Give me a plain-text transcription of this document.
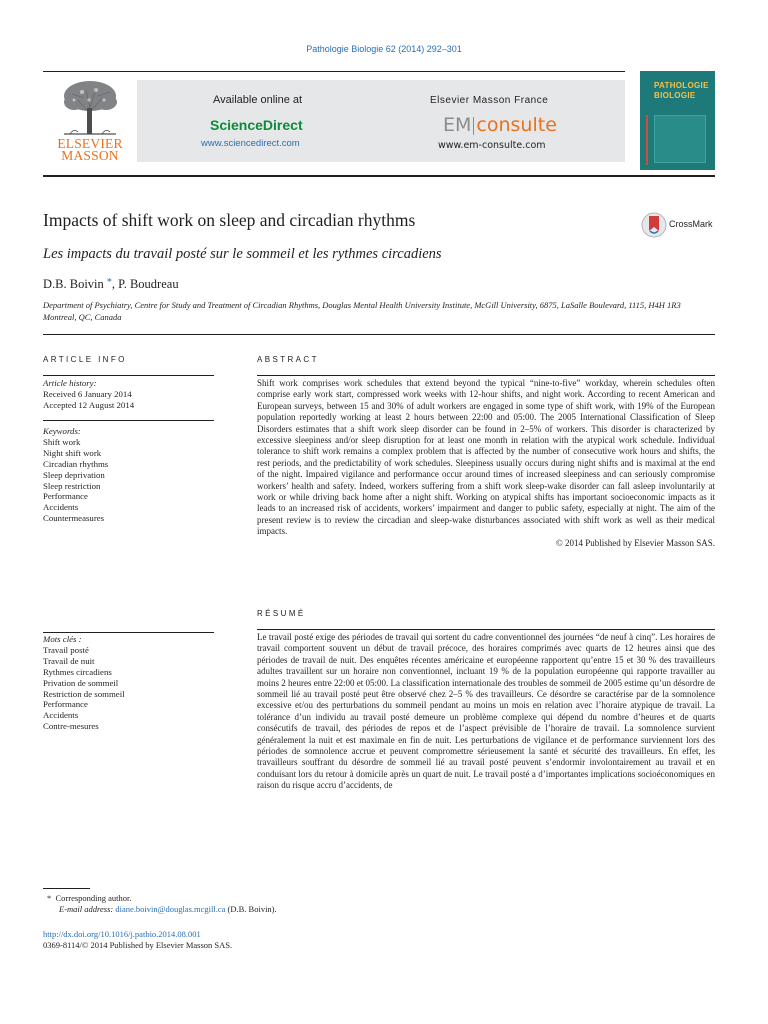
Pathologie Biologie 62 (2014) 292–301
ELSEVIER MASSON
Available online at
ScienceDirect
www.sciencedirect.com
Elsevier Masson France
EM consulte
www.em-consulte.com
PATHOLOGIE
BIOLOGIE
Impacts of shift work on sleep and circadian rhythms	CrossMark
Les impacts du travail posté sur le sommeil et les rythmes circadiens
D.B. Boivin *, P. Boudreau
Department of Psychiatry, Centre for Study and Treatment of Circadian Rhythms, Douglas Mental Health University Institute, McGill University, 6875, LaSalle Boulevard, 1115, H4H 1R3 Montreal, QC, Canada
ARTICLE INFO
Article history:
Received 6 January 2014
Accepted 12 August 2014
Keywords:
Shift work
Night shift work
Circadian rhythms
Sleep deprivation
Sleep restriction
Performance
Accidents
Countermeasures
Mots clés :
Travail posté
Travail de nuit
Rythmes circadiens
Privation de sommeil
Restriction de sommeil
Performance
Accidents
Contre-mesures
ABSTRACT

Shift work comprises work schedules that extend beyond the typical “nine-to-five” workday, wherein schedules often comprise early work start, compressed work weeks with 12-hour shifts, and night work. According to recent American and European surveys, between 15 and 30% of adult workers are engaged in some type of shift work, with 19% of the European population reportedly working at least 2 hours between 22:00 and 05:00. The 2005 International Classification of Sleep Disorders estimates that a shift work sleep disorder can be found in 2–5% of workers. This disorder is characterized by excessive sleepiness and/or sleep disruption for at least one month in relation with the atypical work schedule. Individual tolerance to shift work remains a complex problem that is affected by the number of consecutive work hours and shifts, the rest periods, and the predictability of work schedules. Sleepiness usually occurs during night shifts and is maximal at the end of the night. Impaired vigilance and performance occur around times of increased sleepiness and can seriously compromise workers’ health and safety. Indeed, workers suffering from a shift work sleep-wake disorder can fall asleep involuntarily at work or while driving back home after a night shift. Working on atypical shifts has important socioeconomic impacts as it leads to an increased risk of accidents, workers’ impairment and danger to public safety, especially at night. The aim of the present review is to review the circadian and sleep-wake disturbances associated with shift work as well as their medical impacts.

© 2014 Published by Elsevier Masson SAS.

RÉSUMÉ

Le travail posté exige des périodes de travail qui sortent du cadre conventionnel des journées “de neuf à cinq”. Les horaires de travail comportent souvent un début de travail précoce, des horaires comprimés avec quarts de 12 heures ainsi que des périodes de travail de nuit. Des enquêtes récentes américaine et européenne rapportent qu’entre 15 et 30 % des travailleurs adultes travaillent sur un horaire non conventionnel, incluant 19 % de la population européenne qui rapporte travailler au moins 2 heures entre 22:00 et 05:00. La classification internationale des troubles de sommeil de 2005 estime qu’un désordre de sommeil lié au travail posté peut être observé chez 2–5 % des travailleurs. Ce désordre se caractérise par de la somnolence excessive et/ou des perturbations du sommeil pendant au moins un mois en relation avec l’horaire atypique de travail. La tolérance d’un individu au travail posté demeure un problème complexe qui dépend du nombre d’heures et de quarts consécutifs de travail, des périodes de repos et de l’aspect prévisible de l’horaire de travail. La somnolence survient généralement la nuit et est maximale en fin de nuit. Les perturbations de vigilance et de performance surviennent lors des périodes de somnolence accrue et peuvent compromettre sérieusement la santé et sécurité des travailleurs. En effet, les travailleurs souffrant du désordre de sommeil lié au travail posté peuvent s’endormir involontairement au travail et en conduisant lors du retour à domicile après un quart de nuit. Le travail posté a d’importantes implications socioéconomiques en raison du risque accru d’accidents, de

* Corresponding author.
E-mail address: diane.boivin@douglas.mcgill.ca (D.B. Boivin).
http://dx.doi.org/10.1016/j.patbio.2014.08.001
0369-8114/© 2014 Published by Elsevier Masson SAS.
